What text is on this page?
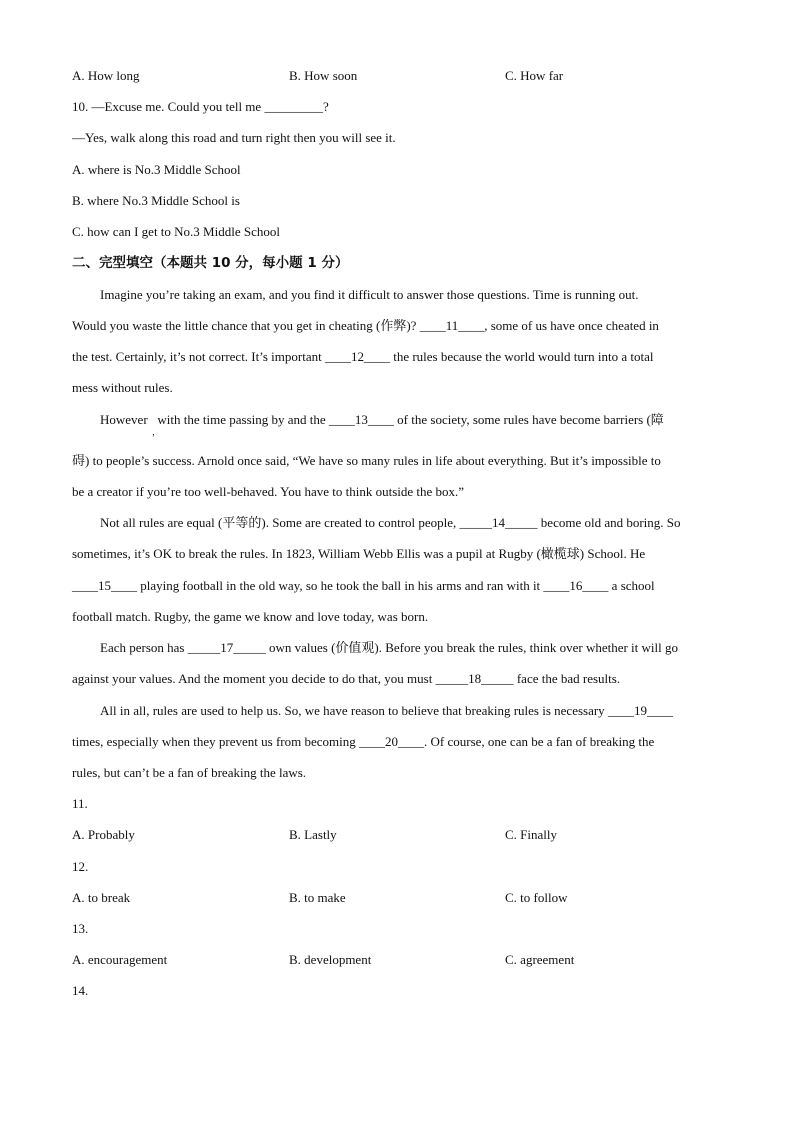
A. How long	B. How soon	C. How far
10. —Excuse me. Could you tell me _________?
—Yes, walk along this road and turn right then you will see it.
A. where is No.3 Middle School
B. where No.3 Middle School is
C. how can I get to No.3 Middle School
二、完型填空（本题共 10 分，每小题 1 分）
Imagine you’re taking an exam, and you find it difficult to answer those questions. Time is running out.
Would you waste the little chance that you get in cheating (作弊)? ____11____, some of us have once cheated in
the test. Certainly, it’s not correct. It’s important ____12____ the rules because the world would turn into a total
mess without rules.
However with the time passing by and the ____13____ of the society, some rules have become barriers (障
，
碍) to people’s success. Arnold once said, “We have so many rules in life about everything. But it’s impossible to
be a creator if you’re too well-behaved. You have to think outside the box.”
Not all rules are equal (平等的). Some are created to control people, _____14_____ become old and boring. So
sometimes, it’s OK to break the rules. In 1823, William Webb Ellis was a pupil at Rugby (橄榄球) School. He
____15____ playing football in the old way, so he took the ball in his arms and ran with it ____16____ a school
football match. Rugby, the game we know and love today, was born.
Each person has _____17_____ own values (价值观). Before you break the rules, think over whether it will go
against your values. And the moment you decide to do that, you must _____18_____ face the bad results.
All in all, rules are used to help us. So, we have reason to believe that breaking rules is necessary ____19____
times, especially when they prevent us from becoming ____20____. Of course, one can be a fan of breaking the
rules, but can’t be a fan of breaking the laws.
11.
A. Probably	B. Lastly	C. Finally
12.
A. to break	B. to make	C. to follow
13.
A. encouragement	B. development	C. agreement
14.
